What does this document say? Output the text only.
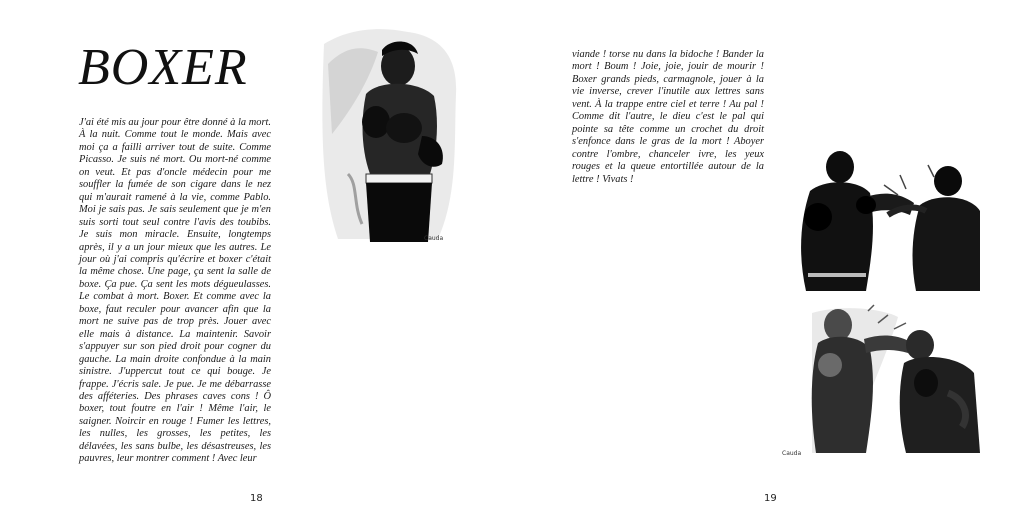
BOXER

J'ai été mis au jour pour être donné à la mort. À la nuit. Comme tout le monde. Mais avec moi ça a failli arriver tout de suite. Comme Picasso. Je suis né mort. Ou mort-né comme on veut. Et pas d'oncle médecin pour me souffler la fumée de son cigare dans le nez qui m'aurait ramené à la vie, comme Pablo. Moi je sais pas. Je sais seulement que je m'en suis sorti tout seul contre l'avis des toubibs. Je suis mon miracle. Ensuite, longtemps après, il y a un jour mieux que les autres. Le jour où j'ai compris qu'écrire et boxer c'était la même chose. Une page, ça sent la salle de boxe. Ça pue. Ça sent les mots dégueulasses. Le combat à mort. Boxer. Et comme avec la boxe, faut reculer pour avancer afin que la mort ne suive pas de trop près. Jouer avec elle mais à distance. La maintenir. Savoir s'appuyer sur son pied droit pour cogner du gauche. La main droite confondue à la main sinistre. J'uppercut tout ce qui bouge. Je frappe. J'écris sale. Je pue. Je me débarrasse des afféteries. Des phrases caves cons ! Ô boxer, tout foutre en l'air ! Même l'air, le saigner. Noircir en rouge ! Fumer les lettres, les nulles, les grosses, les petites, les délavées, les sans bulbe, les désastreuses, les pauvres, leur montrer comment ! Avec leur

Cauda

18

viande ! torse nu dans la bidoche ! Bander la mort ! Boum ! Joie, joie, jouir de mourir ! Boxer grands pieds, carmagnole, jouer à la vie inverse, crever l'inutile aux lettres sans vent. À la trappe entre ciel et terre ! Au pal ! Comme dit l'autre, le dieu c'est le pal qui pointe sa tête comme un crochet du droit s'enfonce dans le gras de la mort ! Aboyer contre l'ombre, chanceler ivre, les yeux rouges et la queue entortillée autour de la lettre ! Vivats !

Cauda

19
